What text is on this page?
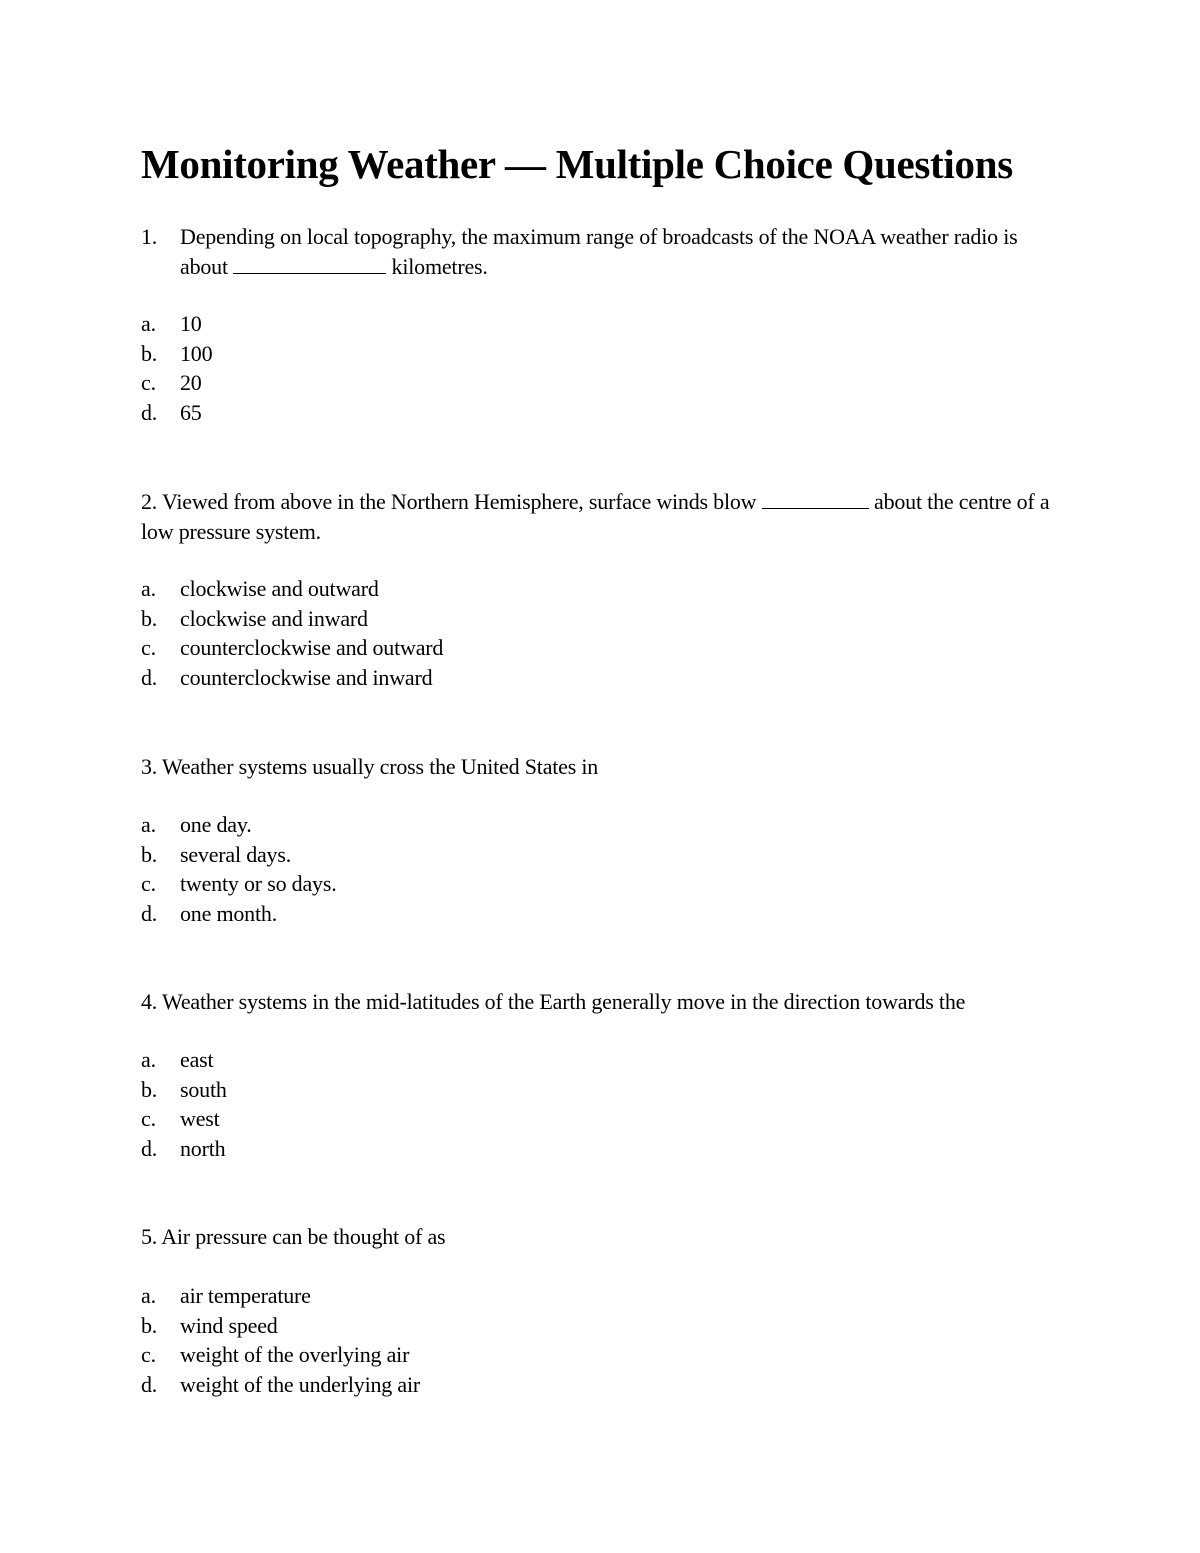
Monitoring Weather — Multiple Choice Questions
1.	Depending on local topography, the maximum range of broadcasts of the NOAA weather radio is about	kilometres.
a.	10
b.	100
c.	20
d.	65
2. Viewed from above in the Northern Hemisphere, surface winds blow	about the centre of a low pressure system.
a.	clockwise and outward
b.	clockwise and inward
c.	counterclockwise and outward
d.	counterclockwise and inward
3. Weather systems usually cross the United States in
a.	one day.
b.	several days.
c.	twenty or so days.
d.	one month.
4. Weather systems in the mid-latitudes of the Earth generally move in the direction towards the
a.	east
b.	south
c.	west
d.	north
5. Air pressure can be thought of as
a.	air temperature
b.	wind speed
c.	weight of the overlying air
d.	weight of the underlying air
